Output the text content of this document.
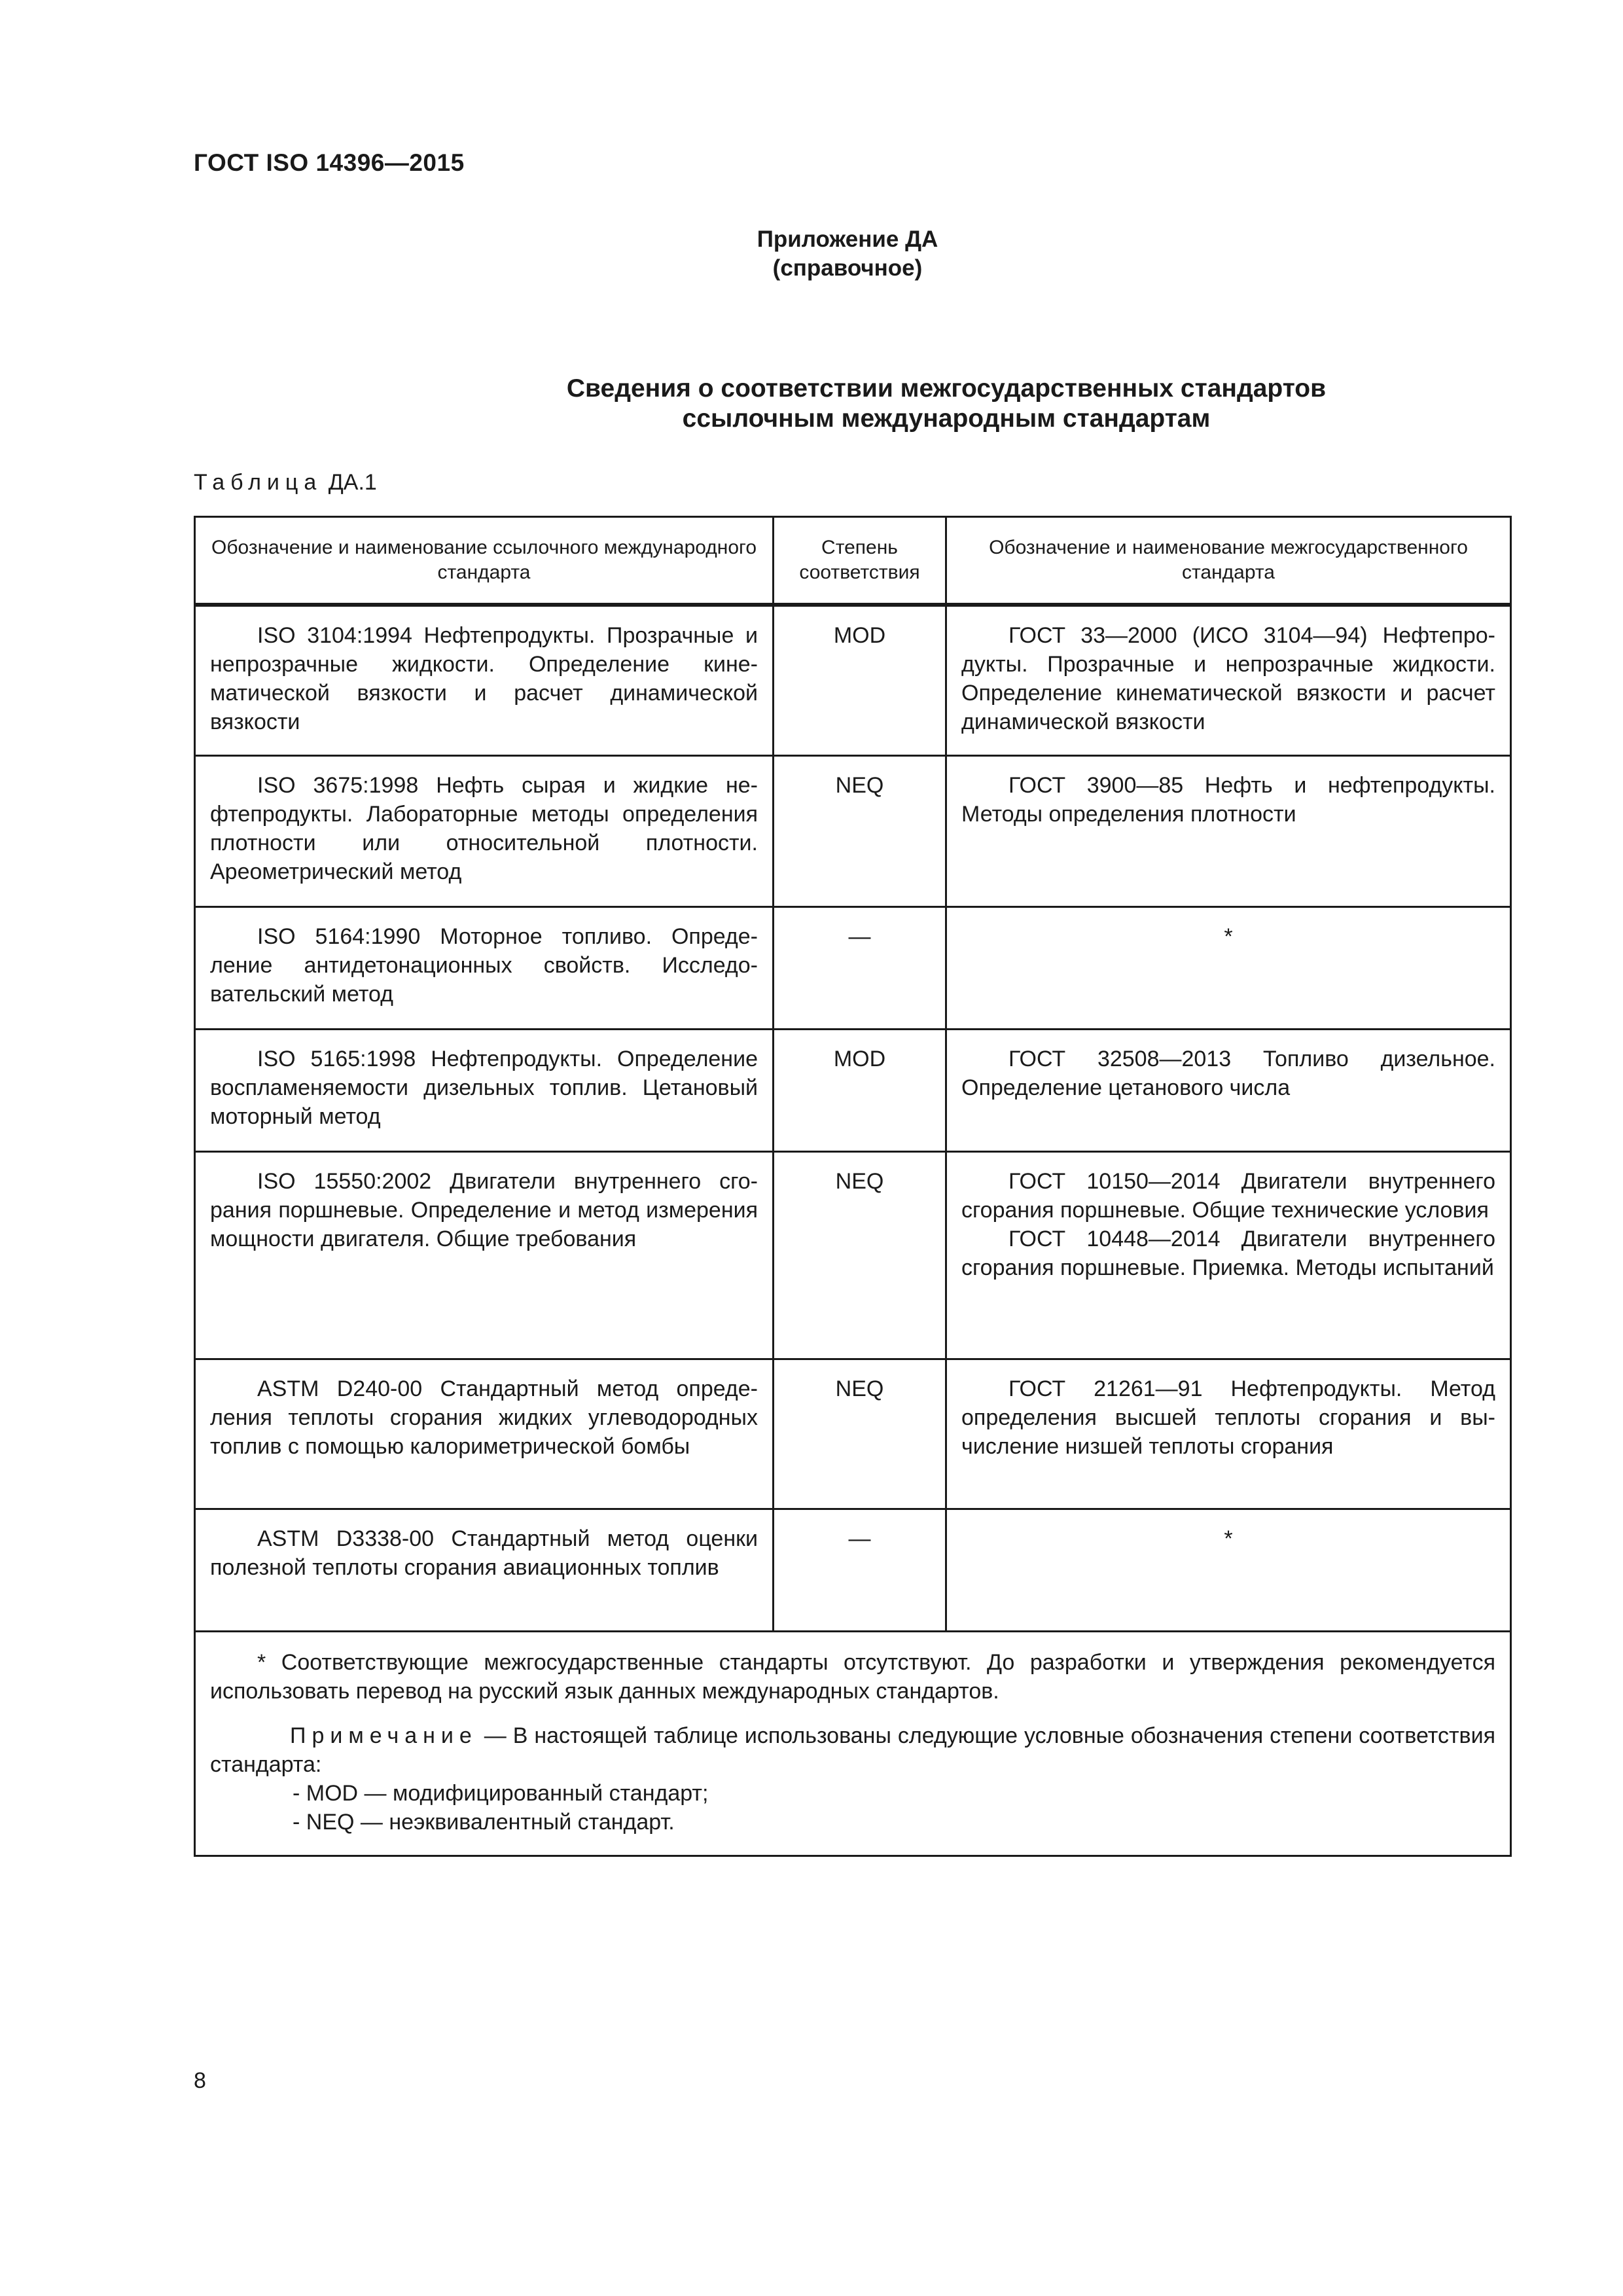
ГОСТ ISO 14396—2015
Приложение ДА
(справочное)
Сведения о соответствии межгосударственных стандартов
ссылочным международным стандартам
Таблица ДА.1
Обозначение и наименование ссылочного международного стандарта	Степень соответствия	Обозначение и наименование межгосударственного стандарта

ISO 3104:1994 Нефтепродукты. Прозрачные и непрозрачные жидкости. Определение кинематической вязкости и расчет динамической вязкости	MOD	ГОСТ 33—2000 (ИСО 3104—94) Нефтепродукты. Прозрачные и непрозрачные жидкости. Определение кинематической вязкости и расчет динамической вязкости

ISO 3675:1998 Нефть сырая и жидкие нефтепродукты. Лабораторные методы определения плотности или относительной плотности. Ареометрический метод	NEQ	ГОСТ 3900—85 Нефть и нефтепродукты. Методы определения плотности

ISO 5164:1990 Моторное топливо. Определение антидетонационных свойств. Исследовательский метод	—	*

ISO 5165:1998 Нефтепродукты. Определение воспламеняемости дизельных топлив. Цетановый моторный метод	MOD	ГОСТ 32508—2013 Топливо дизельное. Определение цетанового числа

ISO 15550:2002 Двигатели внутреннего сгорания поршневые. Определение и метод измерения мощности двигателя. Общие требования	NEQ	ГОСТ 10150—2014 Двигатели внутреннего сгорания поршневые. Общие технические условия
ГОСТ 10448—2014 Двигатели внутреннего сгорания поршневые. Приемка. Методы испытаний

ASTM D240-00 Стандартный метод определения теплоты сгорания жидких углеводородных топлив с помощью калориметрической бомбы	NEQ	ГОСТ 21261—91 Нефтепродукты. Метод определения высшей теплоты сгорания и вычисление низшей теплоты сгорания

ASTM D3338-00 Стандартный метод оценки полезной теплоты сгорания авиационных топлив	—	*

* Соответствующие межгосударственные стандарты отсутствуют. До разработки и утверждения рекомендуется использовать перевод на русский язык данных международных стандартов.

Примечание — В настоящей таблице использованы следующие условные обозначения степени соответствия стандарта:

- MOD — модифицированный стандарт;

- NEQ — неэквивалентный стандарт.		

8
